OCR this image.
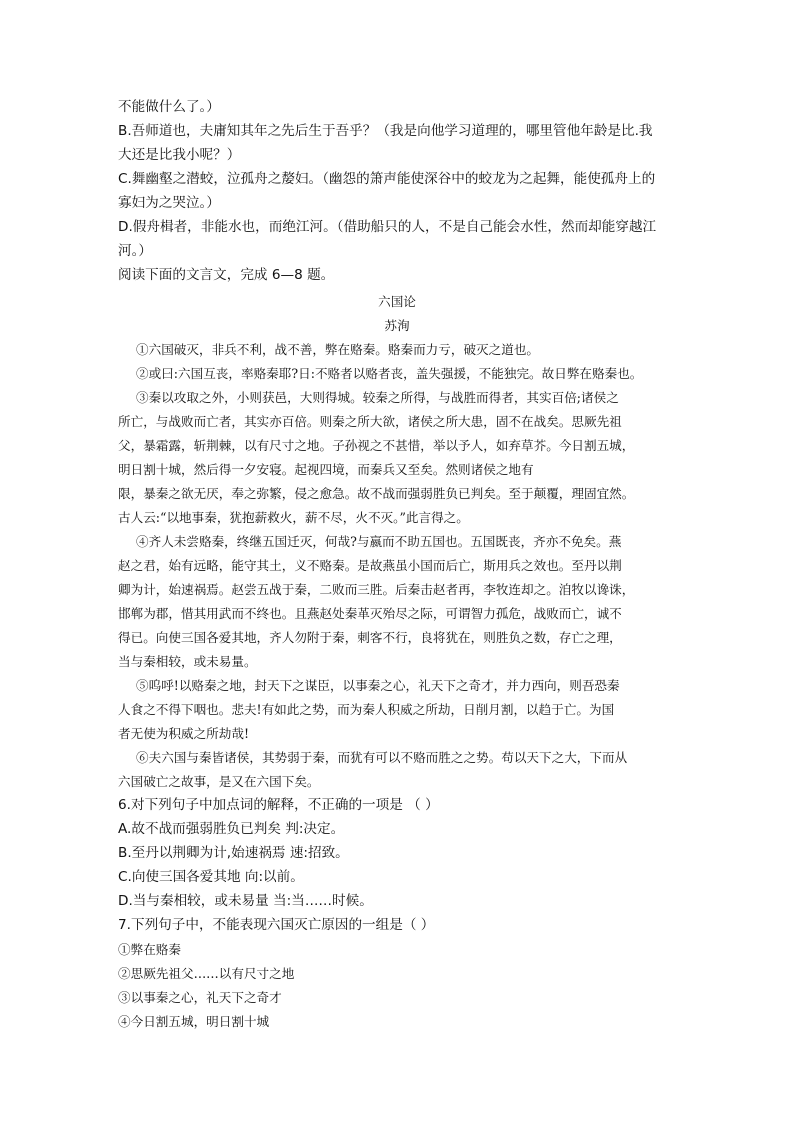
不能做什么了。）
B.吾师道也，夫庸知其年之先后生于吾乎？（我是向他学习道理的，哪里管他年龄是比.我
大还是比我小呢？）
C.舞幽壑之潜蛟，泣孤舟之嫠妇。（幽怨的箫声能使深谷中的蛟龙为之起舞，能使孤舟上的
寡妇为之哭泣。）
D.假舟楫者，非能水也，而绝江河。（借助船只的人，不是自己能会水性，然而却能穿越江
河。）
阅读下面的文言文，完成 6—8 题。
六国论
苏洵
①六国破灭，非兵不利，战不善，弊在赂秦。赂秦而力亏，破灭之道也。
②或曰:六国互丧，率赂秦耶?日:不赂者以赂者丧，盖失强援，不能独完。故日弊在赂秦也。
③秦以攻取之外，小则获邑，大则得城。较秦之所得，与战胜而得者，其实百倍;诸侯之
所亡，与战败而亡者，其实亦百倍。则秦之所大欲，诸侯之所大患，固不在战矣。思厥先祖
父，暴霜露，斩荆棘，以有尺寸之地。子孙视之不甚惜，举以予人，如弃草芥。今日割五城，
明日割十城，然后得一夕安寝。起视四境，而秦兵又至矣。然则诸侯之地有
限，暴秦之欲无厌，奉之弥繁，侵之愈急。故不战而强弱胜负已判矣。至于颠覆，理固宜然。
古人云:“以地事秦，犹抱薪救火，薪不尽，火不灭。”此言得之。
④齐人未尝赂秦，终继五国迁灭，何哉?与嬴而不助五国也。五国既丧，齐亦不免矣。燕
赵之君，始有远略，能守其土，义不赂秦。是故燕虽小国而后亡，斯用兵之效也。至丹以荆
卿为计，始速祸焉。赵尝五战于秦，二败而三胜。后秦击赵者再，李牧连却之。洎牧以谗诛，
邯郸为郡，惜其用武而不终也。且燕赵处秦革灭殆尽之际，可谓智力孤危，战败而亡，诚不
得已。向使三国各爱其地，齐人勿附于秦，刺客不行，良将犹在，则胜负之数，存亡之理，
当与秦相较，或未易量。
⑤呜呼!以赂秦之地，封天下之谋臣，以事秦之心，礼天下之奇才，并力西向，则吾恐秦
人食之不得下咽也。悲夫!有如此之势，而为秦人积威之所劫，日削月割，以趋于亡。为国
者无使为积威之所劫哉!
⑥夫六国与秦皆诸侯，其势弱于秦，而犹有可以不赂而胜之之势。苟以天下之大，下而从
六国破亡之故事，是又在六国下矣。
6.对下列句子中加点词的解释，不正确的一项是 （ ）
A.故不战而强弱胜负已判矣 判:决定。
B.至丹以荆卿为计,始速祸焉 速:招致。
C.向使三国各爱其地 向:以前。
D.当与秦相较，或未易量 当:当……时候。
7.下列句子中，不能表现六国灭亡原因的一组是（ ）
①弊在赂秦
②思厥先祖父……以有尺寸之地
③以事秦之心，礼天下之奇才
④今日割五城，明日割十城
